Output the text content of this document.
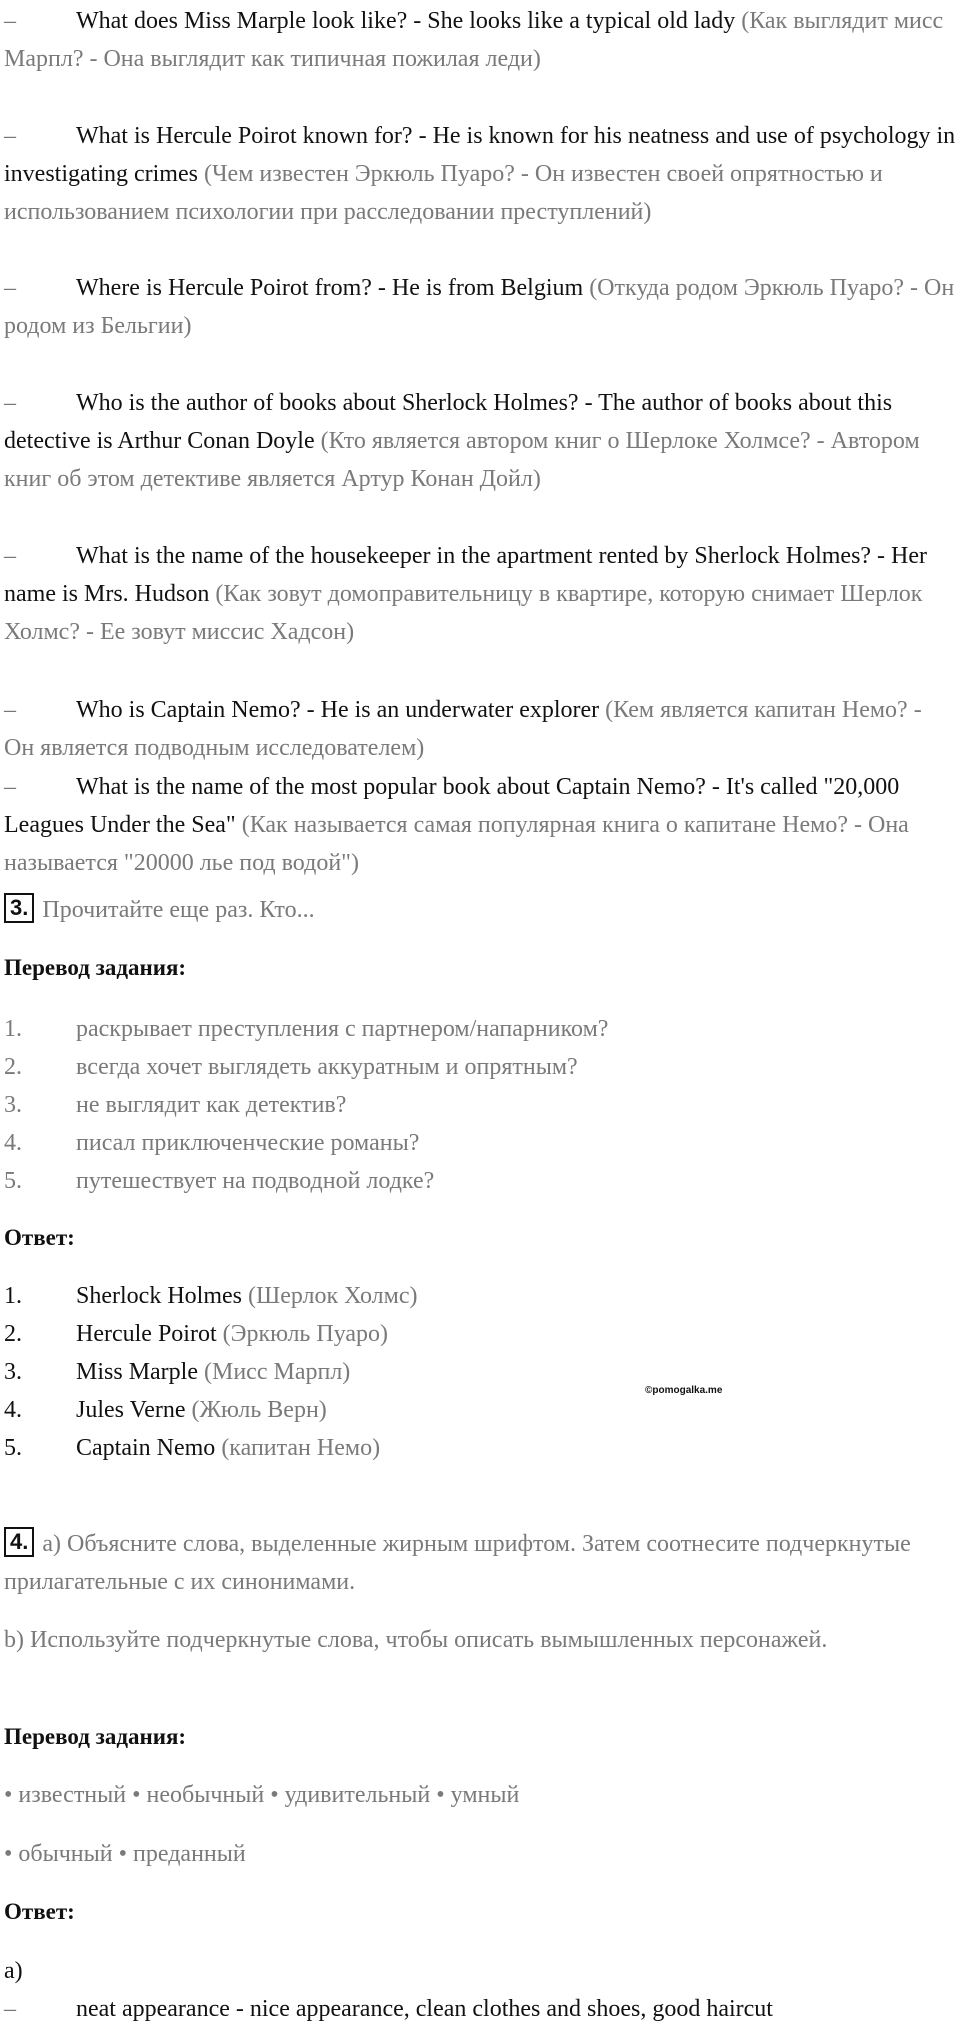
–	What does Miss Marple look like? - She looks like a typical old lady (Как выглядит мисс Марпл? - Она выглядит как типичная пожилая леди)
–	What is Hercule Poirot known for? - He is known for his neatness and use of psychology in investigating crimes (Чем известен Эркюль Пуаро? - Он известен своей опрятностью и использованием психологии при расследовании преступлений)
–	Where is Hercule Poirot from? - He is from Belgium (Откуда родом Эркюль Пуаро? - Он родом из Бельгии)
–	Who is the author of books about Sherlock Holmes? - The author of books about this detective is Arthur Conan Doyle (Кто является автором книг о Шерлоке Холмсе? - Автором книг об этом детективе является Артур Конан Дойл)
–	What is the name of the housekeeper in the apartment rented by Sherlock Holmes? - Her name is Mrs. Hudson (Как зовут домоправительницу в квартире, которую снимает Шерлок Холмс? - Ее зовут миссис Хадсон)
–	Who is Captain Nemo? - He is an underwater explorer (Кем является капитан Немо? - Он является подводным исследователем)
–	What is the name of the most popular book about Captain Nemo? - It's called "20,000 Leagues Under the Sea" (Как называется самая популярная книга о капитане Немо? - Она называется "20000 лье под водой")
3. Прочитайте еще раз. Кто...
Перевод задания:
1. раскрывает преступления с партнером/напарником?
2. всегда хочет выглядеть аккуратным и опрятным?
3. не выглядит как детектив?
4. писал приключенческие романы?
5. путешествует на подводной лодке?
Ответ:
1. Sherlock Holmes (Шерлок Холмс)
2. Hercule Poirot (Эркюль Пуаро)
3. Miss Marple (Мисс Марпл)
4. Jules Verne (Жюль Верн)
5. Captain Nemo (капитан Немо)
©pomogalka.me
4. a) Объясните слова, выделенные жирным шрифтом. Затем соотнесите подчеркнутые прилагательные с их синонимами.
b) Используйте подчеркнутые слова, чтобы описать вымышленных персонажей.
Перевод задания:
• известный • необычный • удивительный • умный
• обычный • преданный
Ответ:
a)
–	neat appearance - nice appearance, clean clothes and shoes, good haircut
